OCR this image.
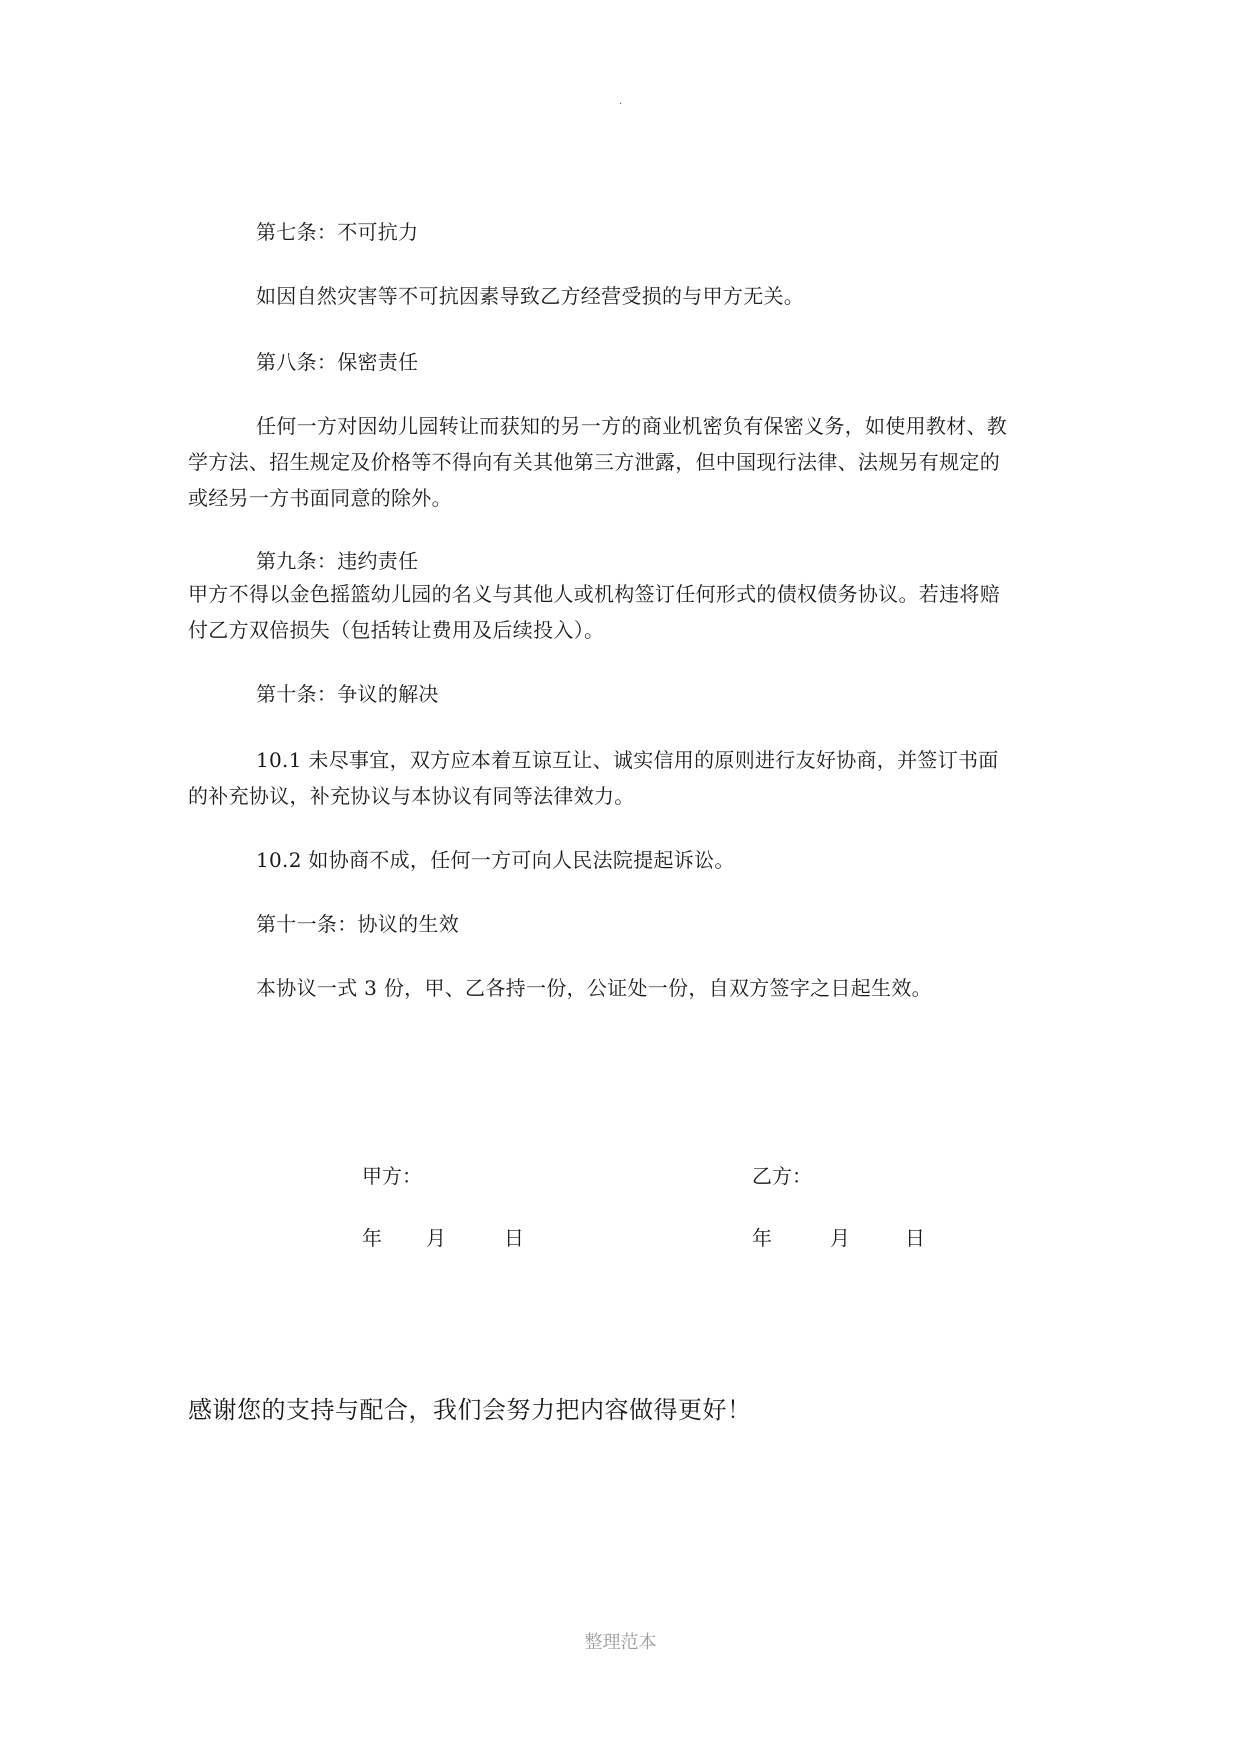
.
第七条：不可抗力
如因自然灾害等不可抗因素导致乙方经营受损的与甲方无关。
第八条：保密责任
任何一方对因幼儿园转让而获知的另一方的商业机密负有保密义务，如使用教材、教
学方法、招生规定及价格等不得向有关其他第三方泄露，但中国现行法律、法规另有规定的
或经另一方书面同意的除外。
第九条：违约责任
甲方不得以金色摇篮幼儿园的名义与其他人或机构签订任何形式的债权债务协议。若违将赔
付乙方双倍损失（包括转让费用及后续投入）。
第十条：争议的解决
10.1 未尽事宜，双方应本着互谅互让、诚实信用的原则进行友好协商，并签订书面
的补充协议，补充协议与本协议有同等法律效力。
10.2 如协商不成，任何一方可向人民法院提起诉讼。
第十一条：协议的生效
本协议一式 3 份，甲、乙各持一份，公证处一份，自双方签字之日起生效。
甲方：	乙方：
年	月	日	年	月	日
感谢您的支持与配合，我们会努力把内容做得更好！
整理范本
